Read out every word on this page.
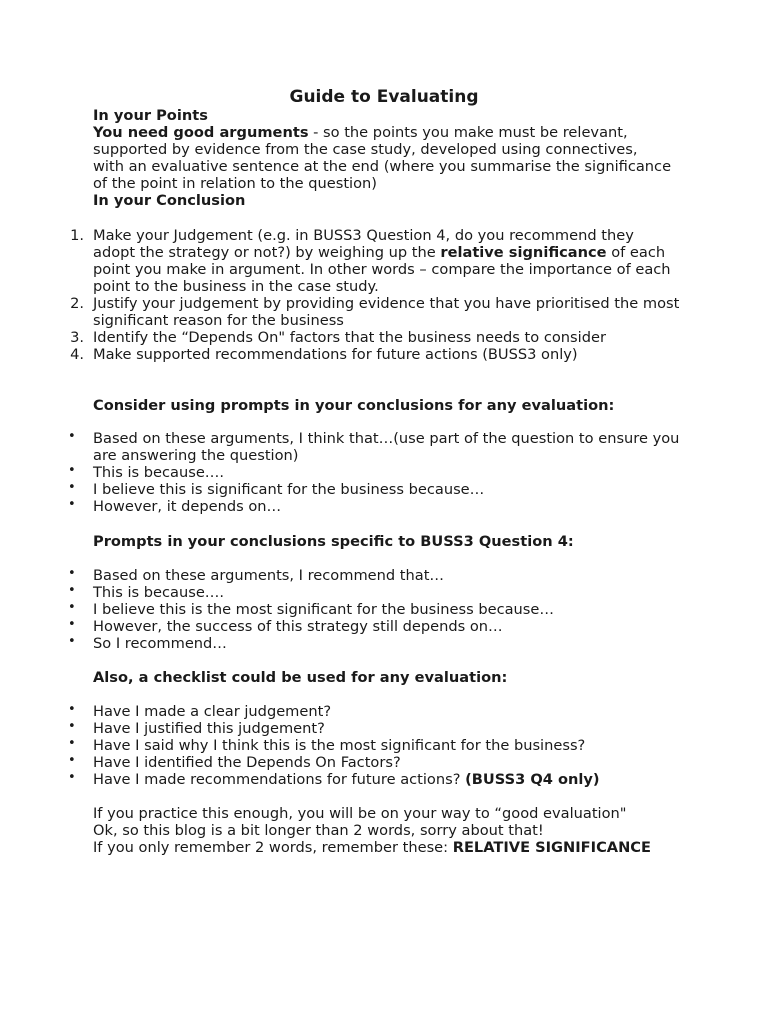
Guide to Evaluating
In your Points
You need good arguments - so the points you make must be relevant, supported by evidence from the case study, developed using connectives, with an evaluative sentence at the end (where you summarise the significance of the point in relation to the question)
In your Conclusion
1. Make your Judgement (e.g. in BUSS3 Question 4, do you recommend they adopt the strategy or not?) by weighing up the relative significance of each point you make in argument. In other words – compare the importance of each point to the business in the case study.
2. Justify your judgement by providing evidence that you have prioritised the most significant reason for the business
3. Identify the “Depends On" factors that the business needs to consider
4. Make supported recommendations for future actions (BUSS3 only)
Consider using prompts in your conclusions for any evaluation:
• Based on these arguments, I think that…(use part of the question to ensure you are answering the question)
• This is because….
• I believe this is significant for the business because…
• However, it depends on…
Prompts in your conclusions specific to BUSS3 Question 4:
• Based on these arguments, I recommend that…
• This is because….
• I believe this is the most significant for the business because…
• However, the success of this strategy still depends on…
• So I recommend…
Also, a checklist could be used for any evaluation:
• Have I made a clear judgement?
• Have I justified this judgement?
• Have I said why I think this is the most significant for the business?
• Have I identified the Depends On Factors?
• Have I made recommendations for future actions? (BUSS3 Q4 only)
If you practice this enough, you will be on your way to “good evaluation"
Ok, so this blog is a bit longer than 2 words, sorry about that!
If you only remember 2 words, remember these: RELATIVE SIGNIFICANCE
